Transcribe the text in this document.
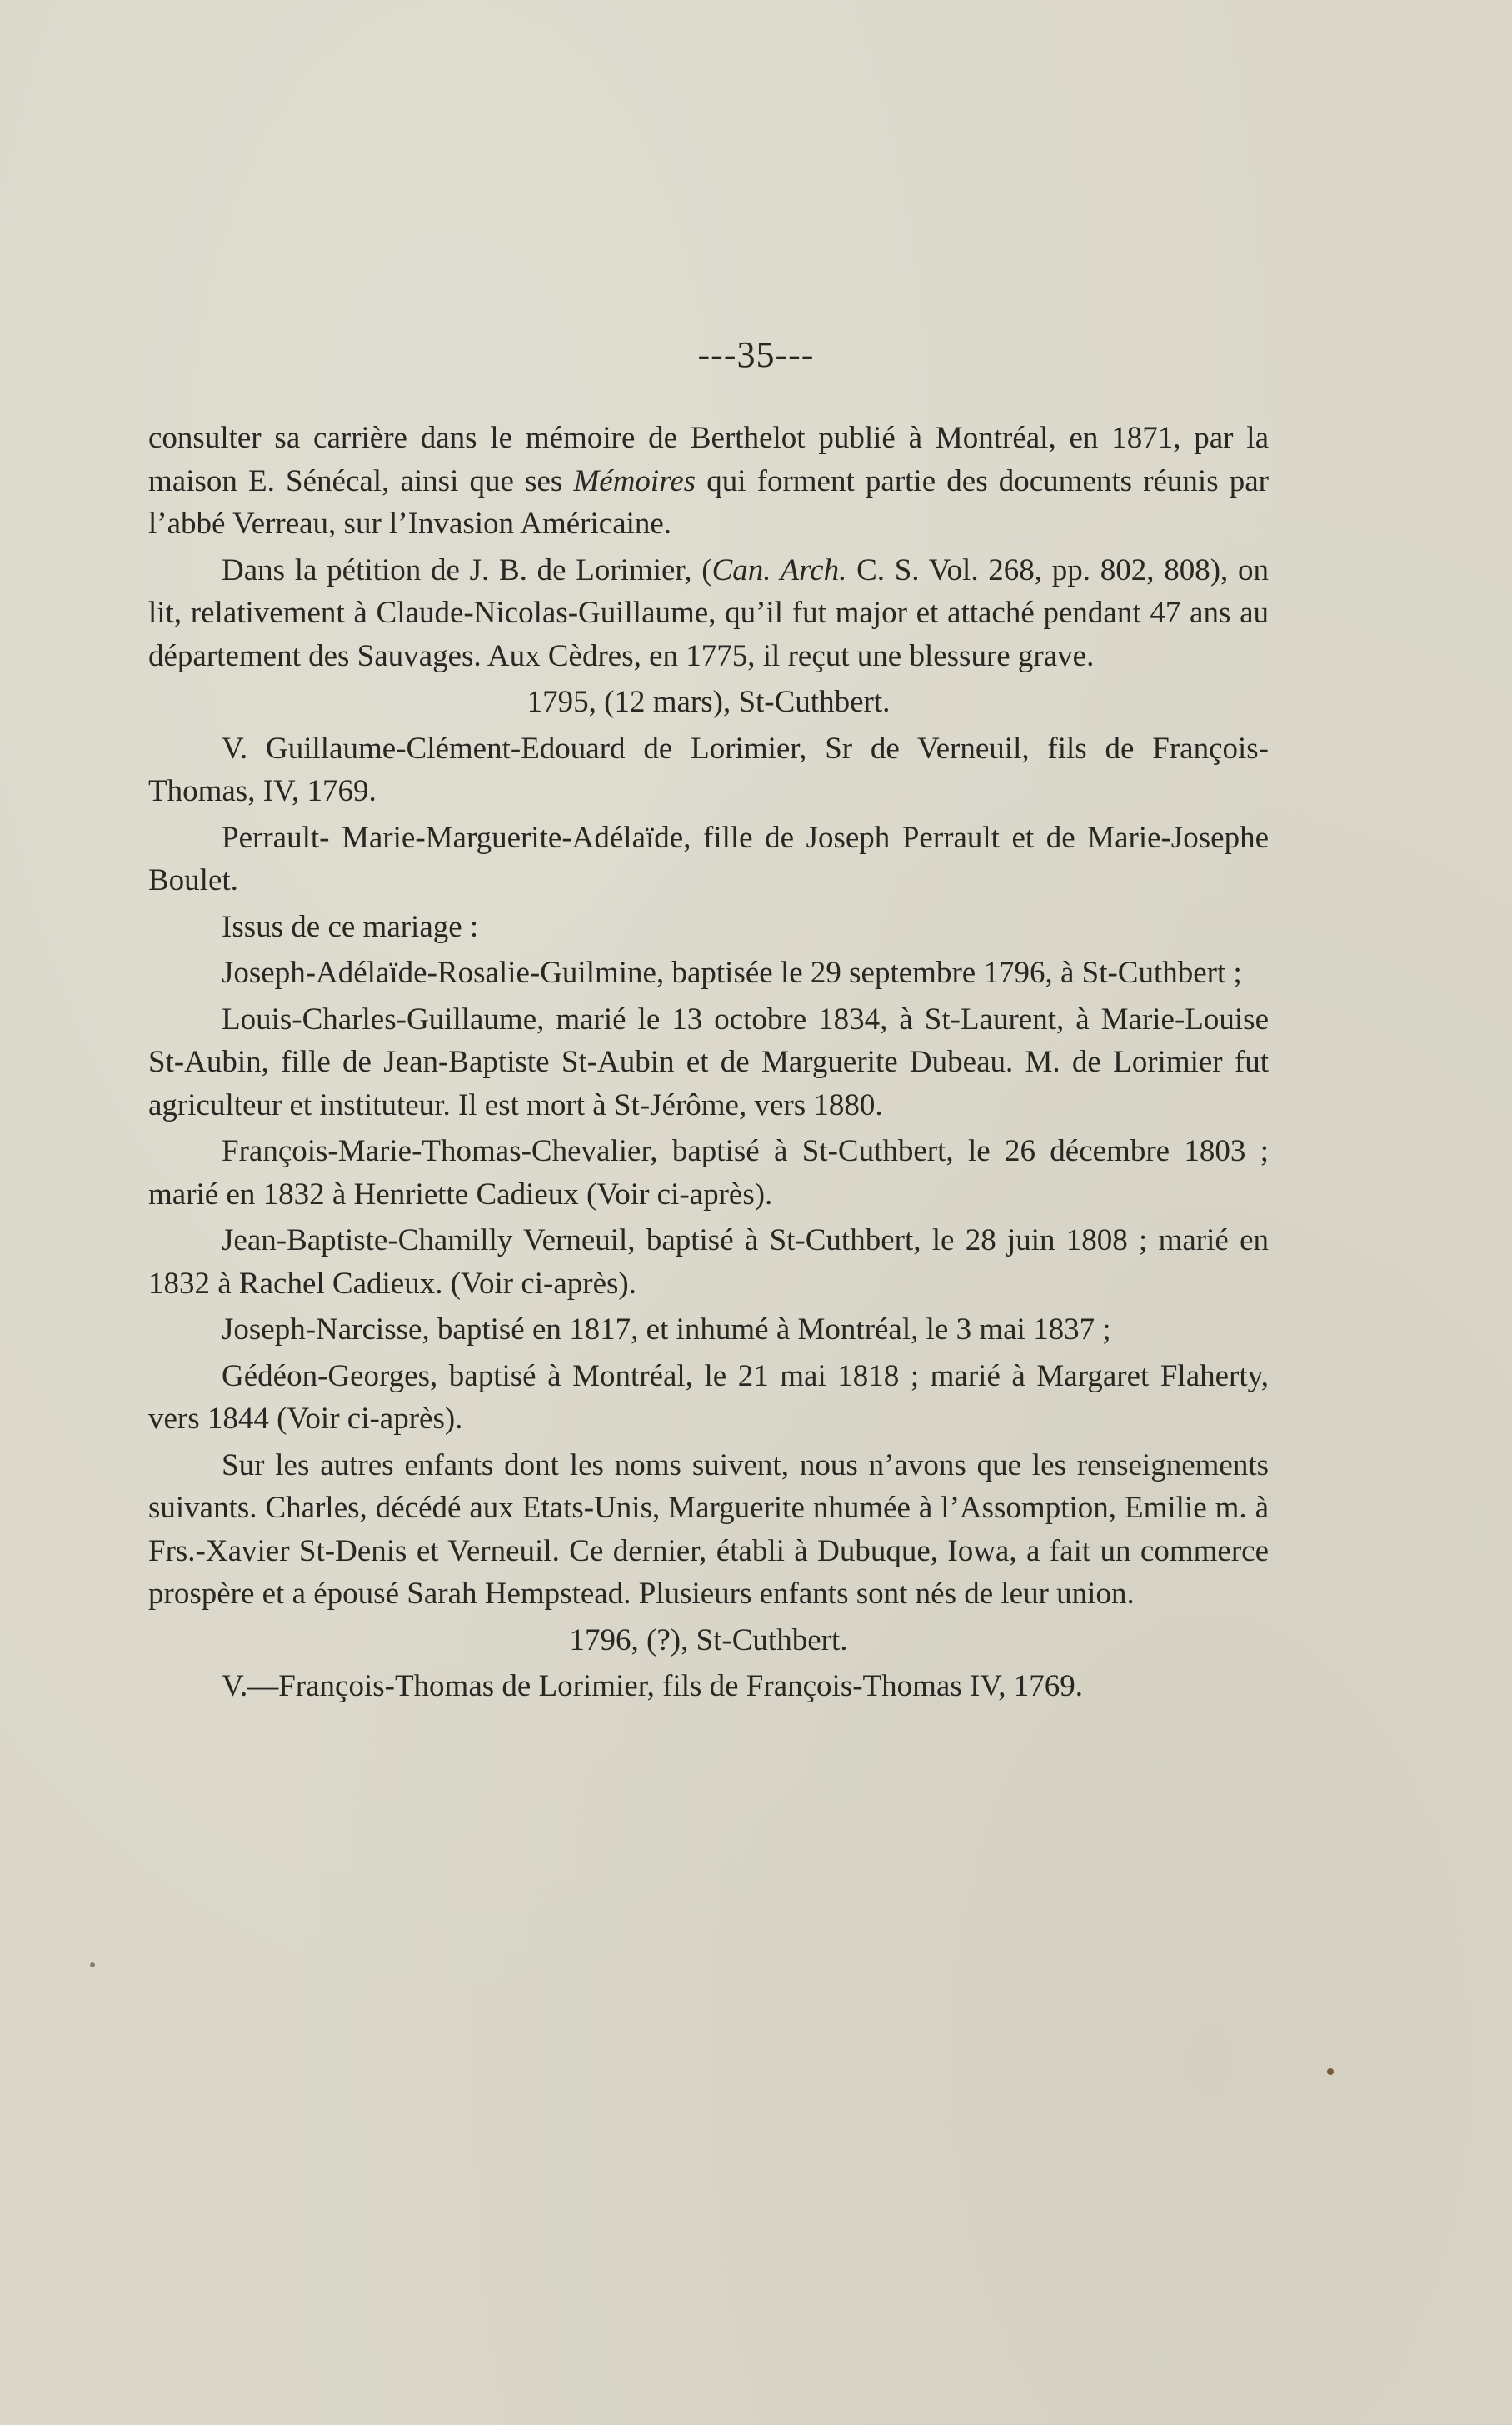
---35---

consulter sa carrière dans le mémoire de Berthelot publié à Montréal, en 1871, par la maison E. Sénécal, ainsi que ses Mémoires qui forment partie des documents réunis par l’abbé Verreau, sur l’Invasion Américaine.

Dans la pétition de J. B. de Lorimier, (Can. Arch. C. S. Vol. 268, pp. 802, 808), on lit, relativement à Claude-Nicolas-Guillaume, qu’il fut major et attaché pendant 47 ans au département des Sauvages. Aux Cèdres, en 1775, il reçut une blessure grave.

1795, (12 mars), St-Cuthbert.

V. Guillaume-Clément-Edouard de Lorimier, Sr de Verneuil, fils de François-Thomas, IV, 1769.

Perrault- Marie-Marguerite-Adélaïde, fille de Joseph Perrault et de Marie-Josephe Boulet.

Issus de ce mariage :

Joseph-Adélaïde-Rosalie-Guilmine, baptisée le 29 septembre 1796, à St-Cuthbert ;

Louis-Charles-Guillaume, marié le 13 octobre 1834, à St-Laurent, à Marie-Louise St-Aubin, fille de Jean-Baptiste St-Aubin et de Marguerite Dubeau. M. de Lorimier fut agriculteur et instituteur. Il est mort à St-Jérôme, vers 1880.

François-Marie-Thomas-Chevalier, baptisé à St-Cuthbert, le 26 décembre 1803 ; marié en 1832 à Henriette Cadieux (Voir ci-après).

Jean-Baptiste-Chamilly Verneuil, baptisé à St-Cuthbert, le 28 juin 1808 ; marié en 1832 à Rachel Cadieux. (Voir ci-après).

Joseph-Narcisse, baptisé en 1817, et inhumé à Montréal, le 3 mai 1837 ;

Gédéon-Georges, baptisé à Montréal, le 21 mai 1818 ; marié à Margaret Flaherty, vers 1844 (Voir ci-après).

Sur les autres enfants dont les noms suivent, nous n’avons que les renseignements suivants. Charles, décédé aux Etats-Unis, Marguerite nhumée à l’Assomption, Emilie m. à Frs.-Xavier St-Denis et Verneuil. Ce dernier, établi à Dubuque, Iowa, a fait un commerce prospère et a épousé Sarah Hempstead. Plusieurs enfants sont nés de leur union.

1796, (?), St-Cuthbert.

V.—François-Thomas de Lorimier, fils de François-Thomas IV, 1769.
